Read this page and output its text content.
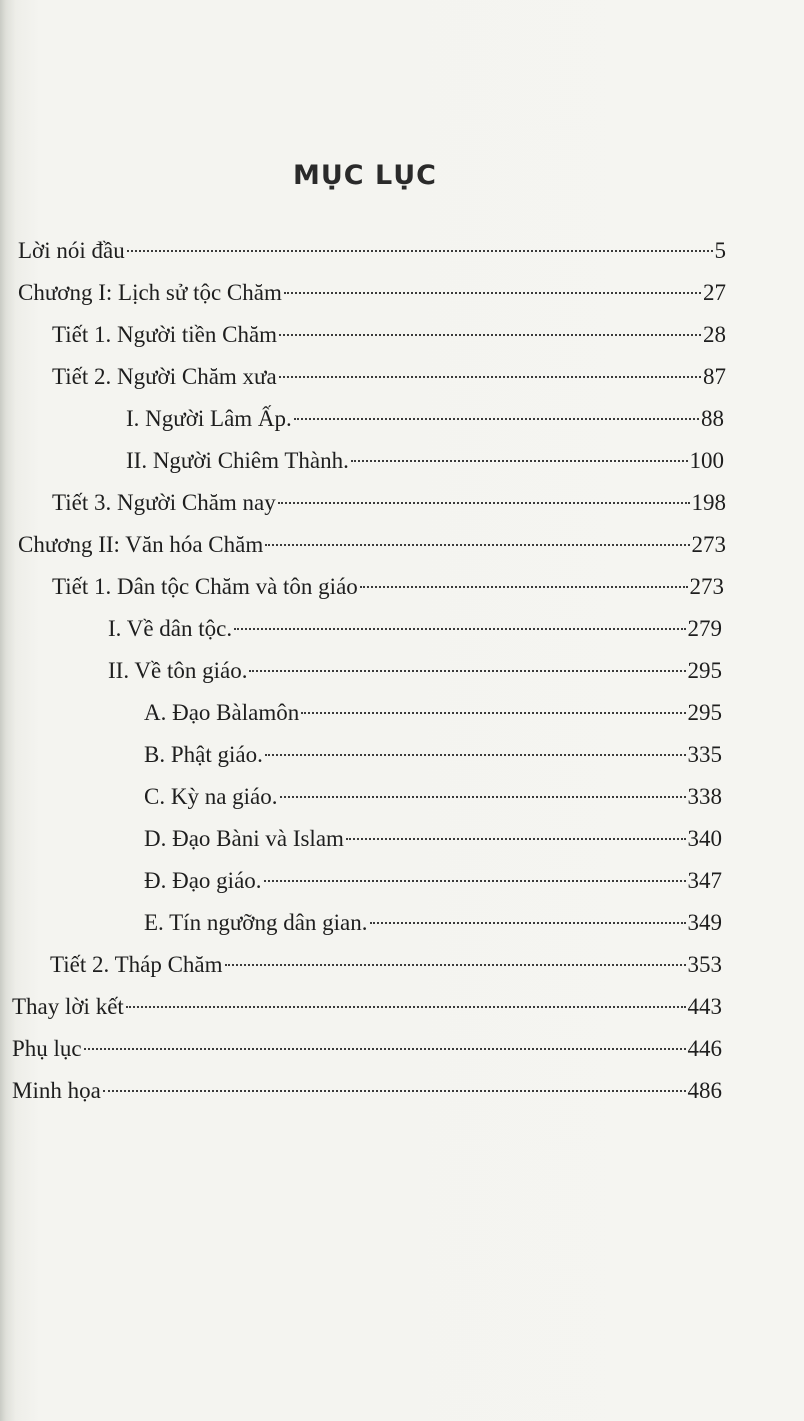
MỤC LỤC
Lời nói đầu	5
Chương I: Lịch sử tộc Chăm	27
Tiết 1. Người tiền Chăm	28
Tiết 2. Người Chăm xưa	87
I. Người Lâm Ấp.	88
II. Người Chiêm Thành.	100
Tiết 3. Người Chăm nay	198
Chương II: Văn hóa Chăm	273
Tiết 1. Dân tộc Chăm và tôn giáo	273
I. Về dân tộc.	279
II. Về tôn giáo.	295
A. Đạo Bàlamôn	295
B. Phật giáo.	335
C. Kỳ na giáo.	338
D. Đạo Bàni và Islam	340
Đ. Đạo giáo.	347
E. Tín ngưỡng dân gian.	349
Tiết 2. Tháp Chăm	353
Thay lời kết	443
Phụ lục	446
Minh họa	486
